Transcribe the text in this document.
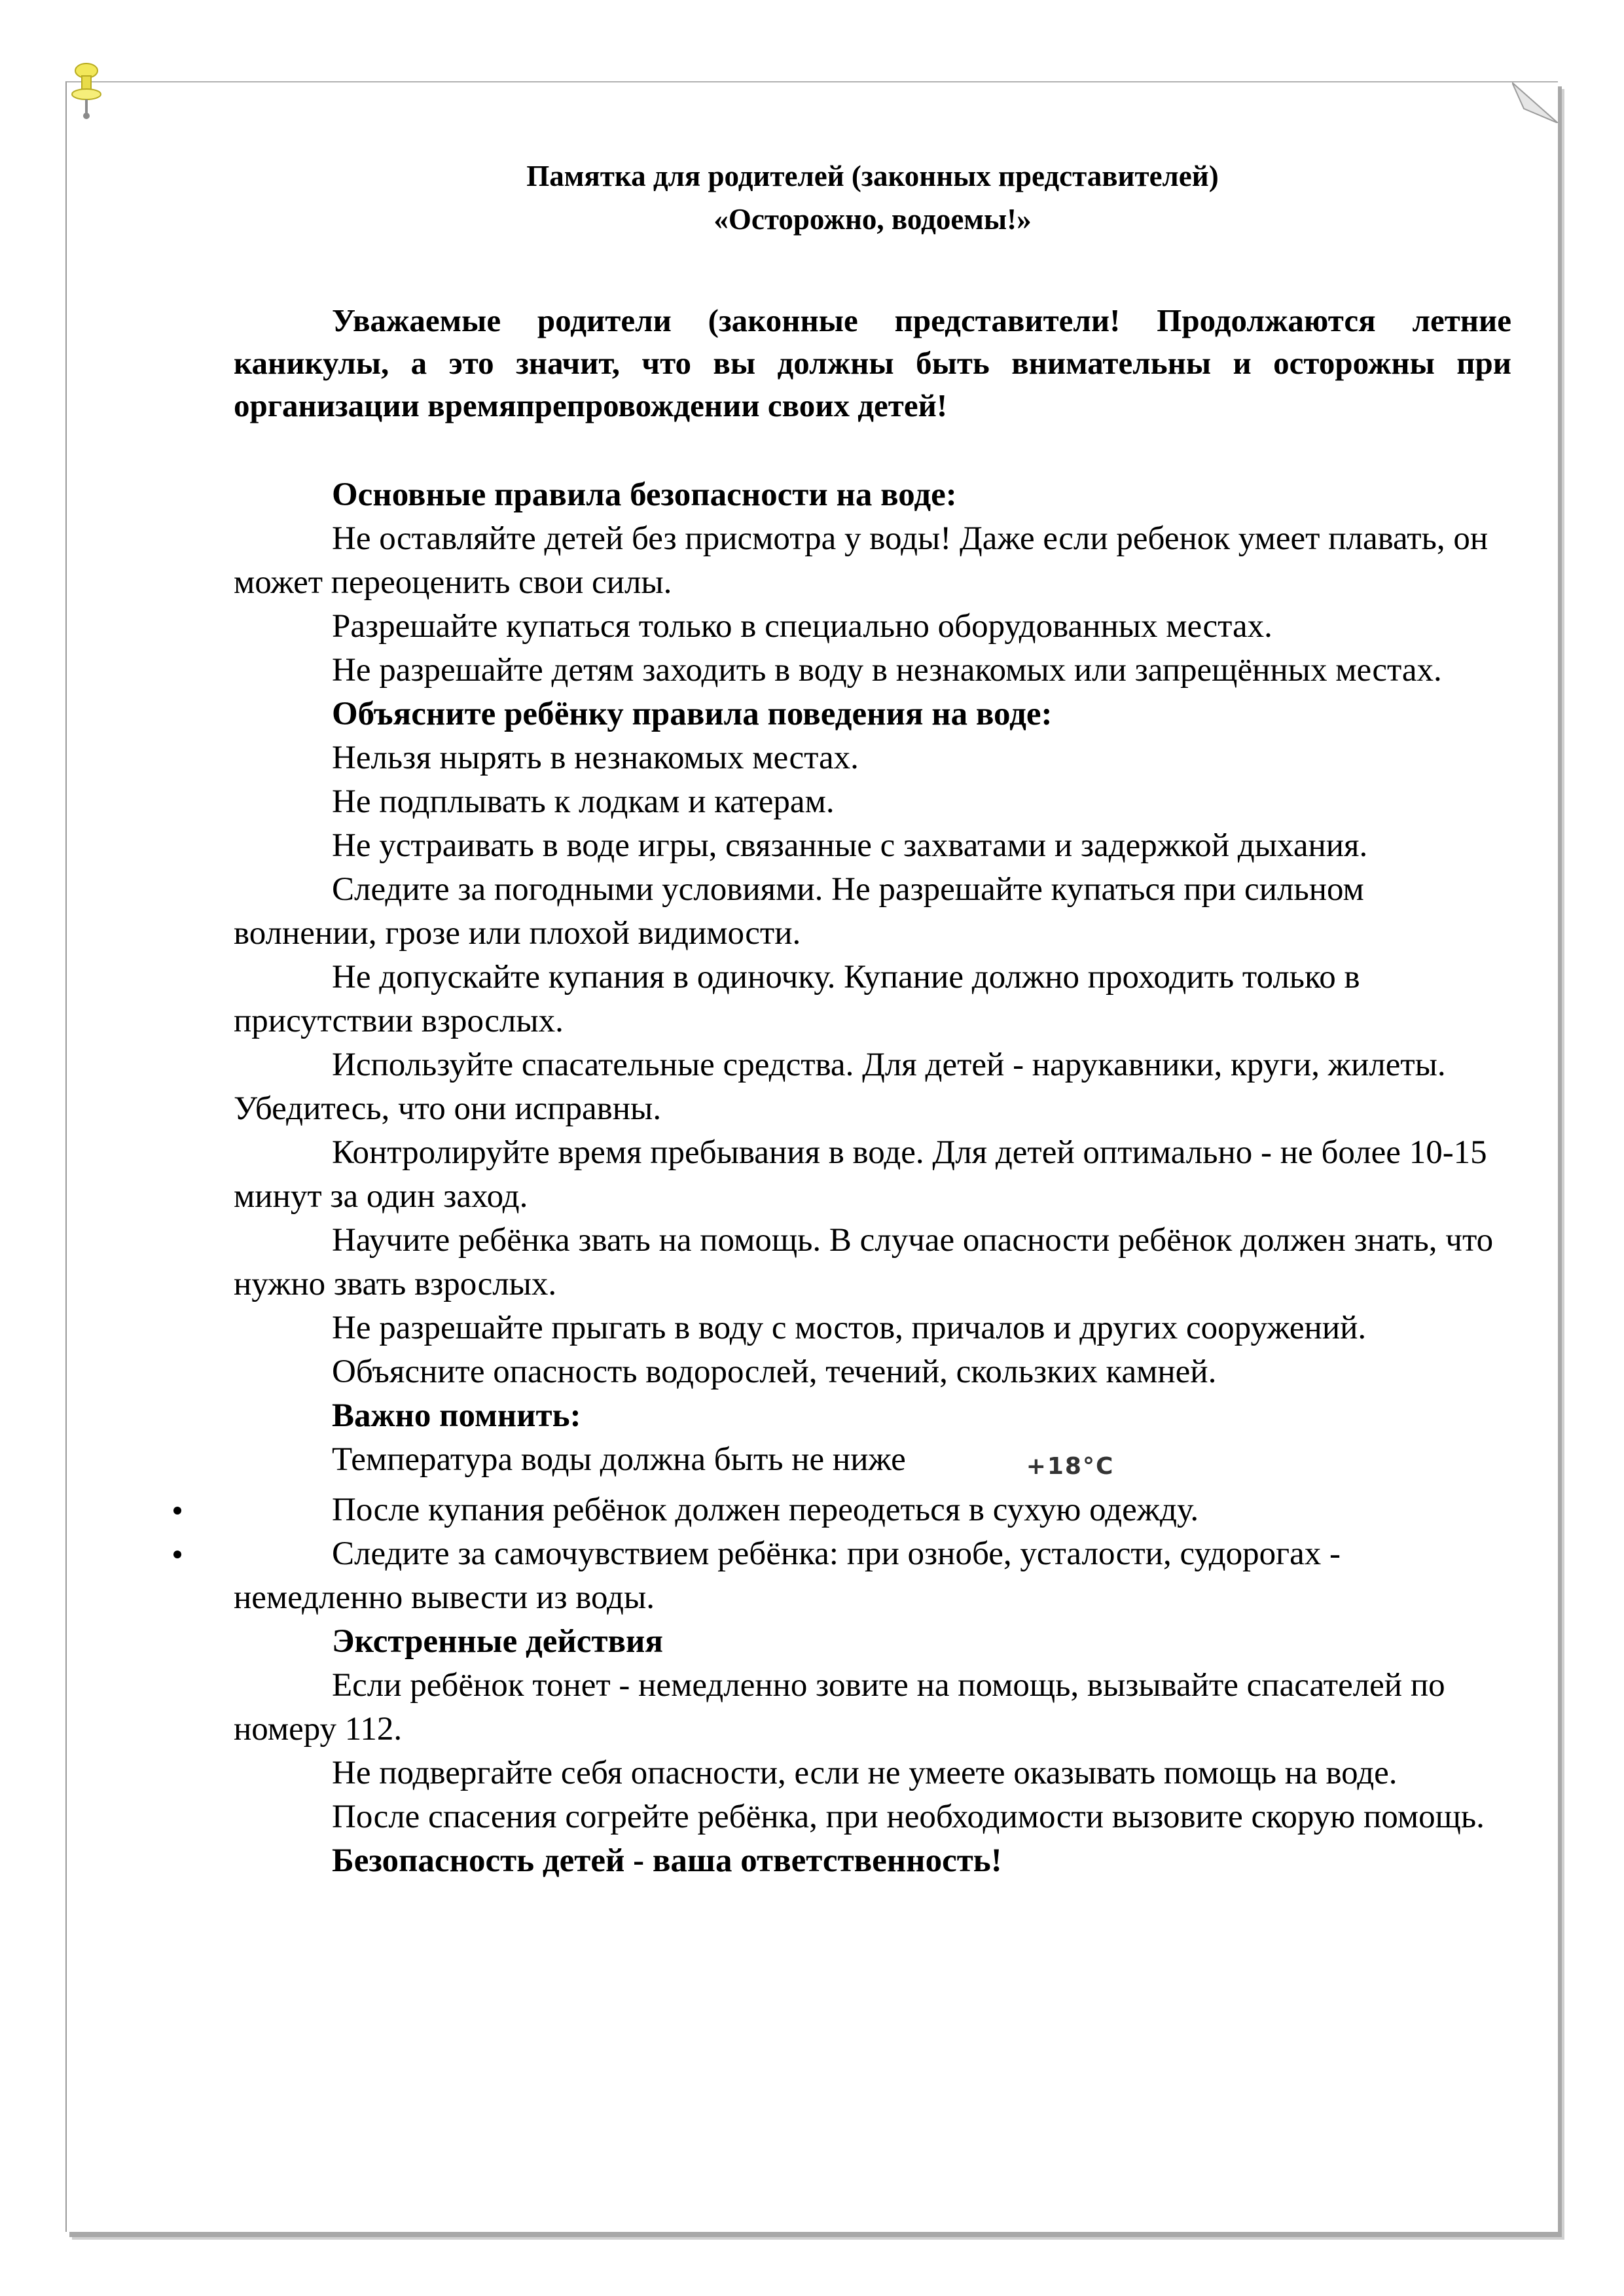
Памятка для родителей (законных представителей)

«Осторожно, водоемы!»

Уважаемые родители (законные представители! Продолжаются летние каникулы, а это значит, что вы должны быть внимательны и осторожны при организации времяпрепровождении своих детей!

Основные правила безопасности на воде:

Не оставляйте детей без присмотра у воды! Даже если ребенок умеет плавать, он может переоценить свои силы.

Разрешайте купаться только в специально оборудованных местах.

Не разрешайте детям заходить в воду в незнакомых или запрещённых местах.

Объясните ребёнку правила поведения на воде:

Нельзя нырять в незнакомых местах.

Не подплывать к лодкам и катерам.

Не устраивать в воде игры, связанные с захватами и задержкой дыхания.

Следите за погодными условиями. Не разрешайте купаться при сильном волнении, грозе или плохой видимости.

Не допускайте купания в одиночку. Купание должно проходить только в присутствии взрослых.

Используйте спасательные средства. Для детей - нарукавники, круги, жилеты. Убедитесь, что они исправны.

Контролируйте время пребывания в воде. Для детей оптимально - не более 10-15 минут за один заход.

Научите ребёнка звать на помощь. В случае опасности ребёнок должен знать, что нужно звать взрослых.

Не разрешайте прыгать в воду с мостов, причалов и других сооружений.

Объясните опасность водорослей, течений, скользких камней.

Важно помнить:

Температура воды должна быть не ниже	+18°C

После купания ребёнок должен переодеться в сухую одежду.

Следите за самочувствием ребёнка: при ознобе, усталости, судорогах - немедленно вывести из воды.

Экстренные действия

Если ребёнок тонет - немедленно зовите на помощь, вызывайте спасателей по номеру 112.

Не подвергайте себя опасности, если не умеете оказывать помощь на воде.

После спасения согрейте ребёнка, при необходимости вызовите скорую помощь.

Безопасность детей - ваша ответственность!
